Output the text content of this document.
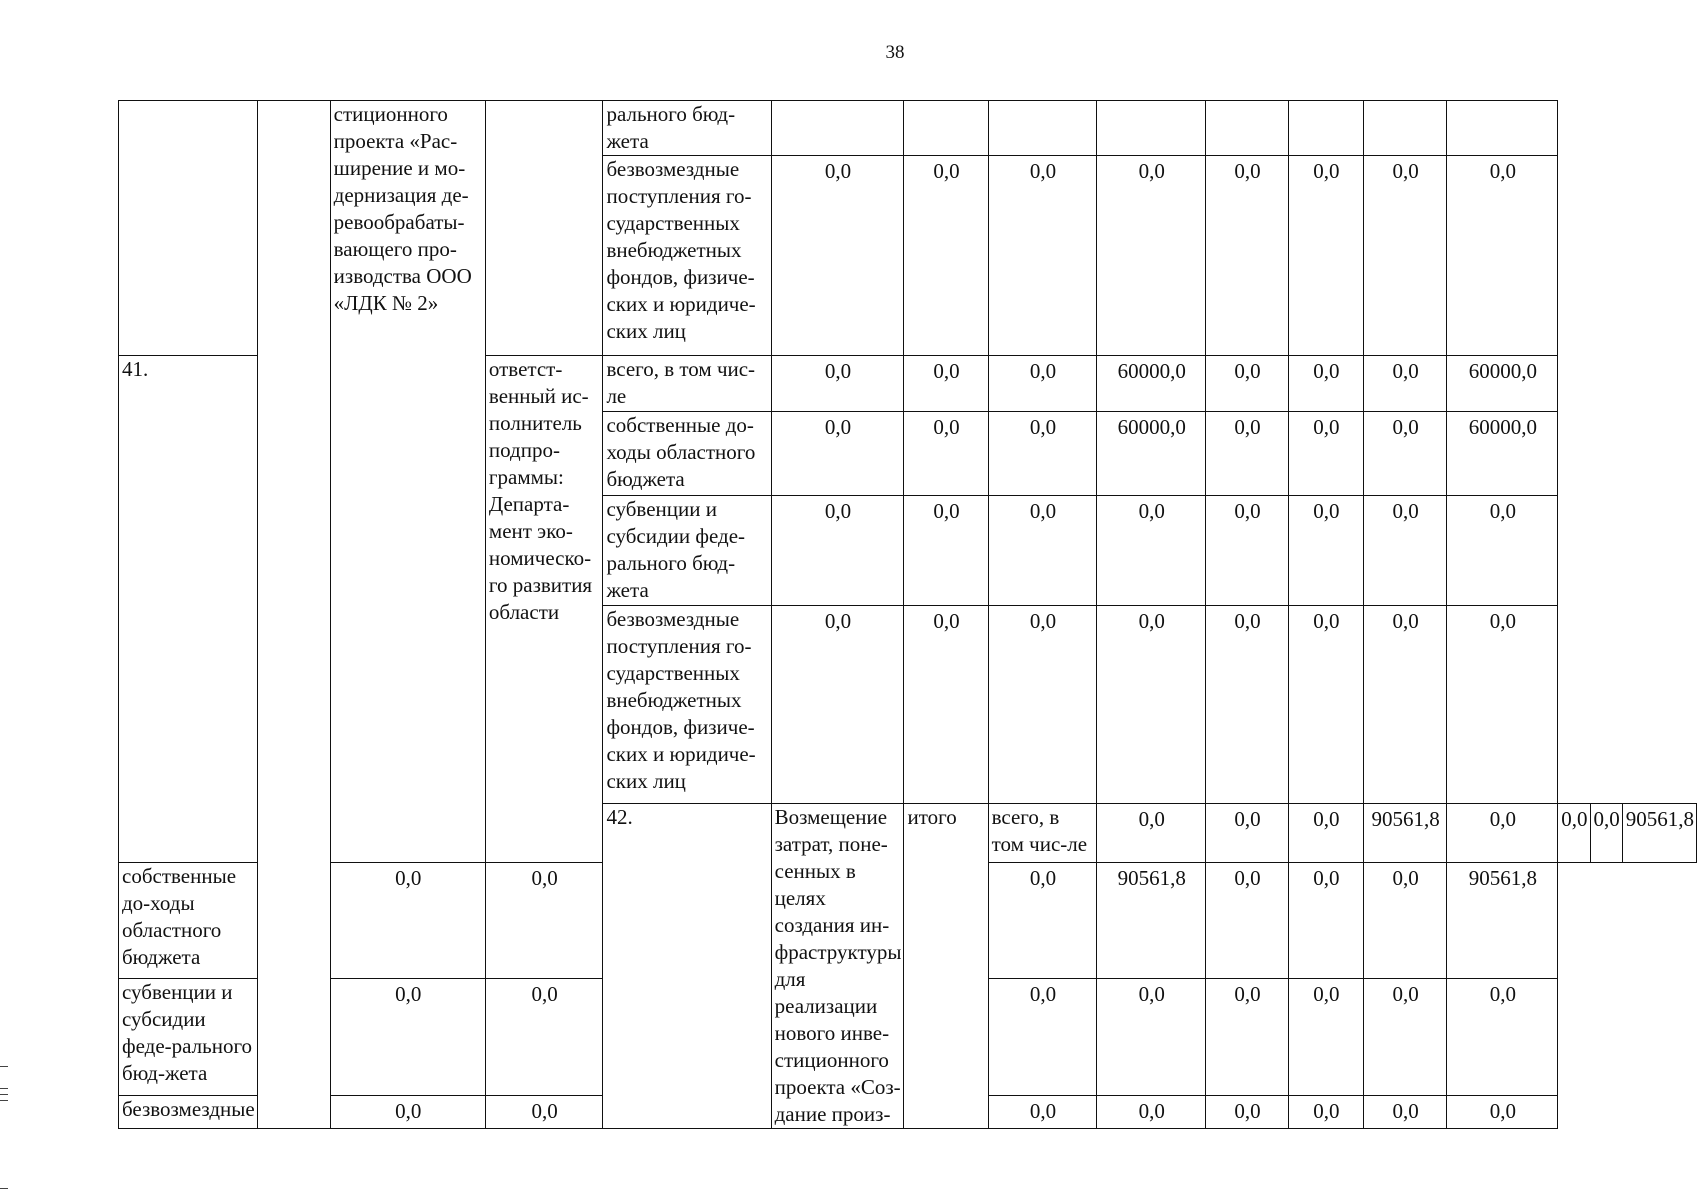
38
		стиционного проекта «Рас-ширение и мо-дернизация де-ревообрабаты-вающего про-изводства ООО «ЛДК № 2»		рального бюд-жета											
				безвозмездные поступления го-сударственных внебюджетных фондов, физиче-ских и юридиче-ских лиц	0,0	0,0	0,0	0,0	0,0	0,0	0,0	0,0			
41.			ответст-венный ис-полнитель подпро-граммы: Департа-мент эко-номическо-го развития области	всего, в том чис-ле	0,0	0,0	0,0	60000,0	0,0	0,0	0,0	60000,0			
				собственные до-ходы областного бюджета	0,0	0,0	0,0	60000,0	0,0	0,0	0,0	60000,0			
				субвенции и субсидии феде-рального бюд-жета	0,0	0,0	0,0	0,0	0,0	0,0	0,0	0,0			
				безвозмездные поступления го-сударственных внебюджетных фондов, физиче-ских и юридиче-ских лиц	0,0	0,0	0,0	0,0	0,0	0,0	0,0	0,0			
				42.	Возмещение затрат, поне-сенных в целях создания ин-фраструктуры для реализации нового инве-стиционного проекта «Соз-дание произ-	итого	всего, в том чис-ле	0,0	0,0	0,0	90561,8	0,0	0,0	0,0	90561,8
собственные до-ходы областного бюджета		0,0	0,0				0,0	90561,8	0,0	0,0	0,0	90561,8			
субвенции и субсидии феде-рального бюд-жета		0,0	0,0				0,0	0,0	0,0	0,0	0,0	0,0			
безвозмездные		0,0	0,0				0,0	0,0	0,0	0,0	0,0	0,0			
